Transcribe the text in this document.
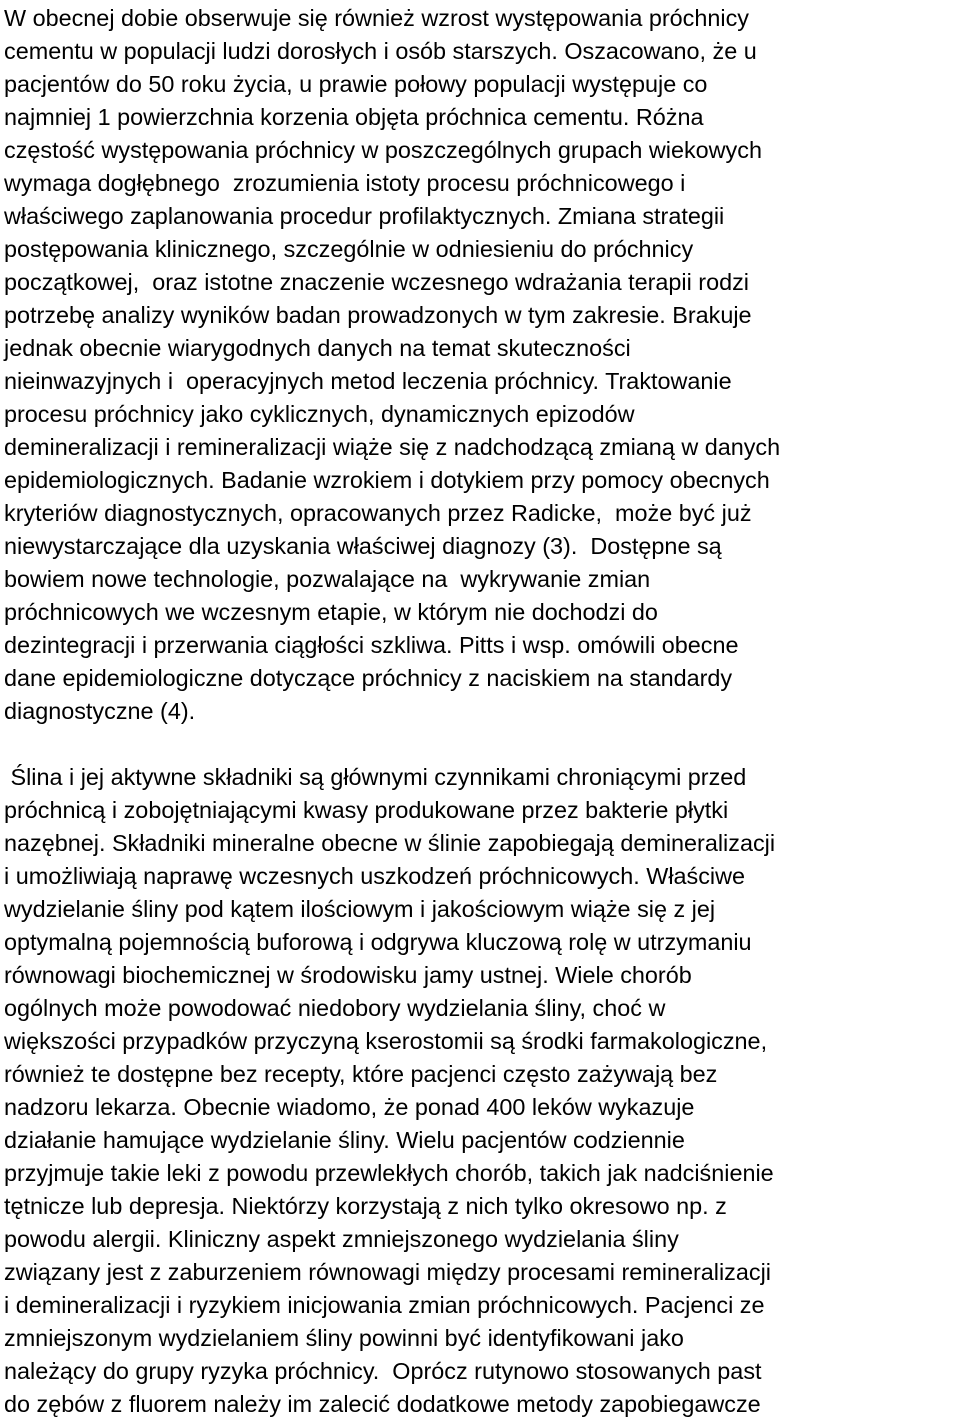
W obecnej dobie obserwuje się również wzrost występowania próchnicy
cementu w populacji ludzi dorosłych i osób starszych. Oszacowano, że u
pacjentów do 50 roku życia, u prawie połowy populacji występuje co
najmniej 1 powierzchnia korzenia objęta próchnica cementu. Różna
częstość występowania próchnicy w poszczególnych grupach wiekowych
wymaga dogłębnego  zrozumienia istoty procesu próchnicowego i
właściwego zaplanowania procedur profilaktycznych. Zmiana strategii
postępowania klinicznego, szczególnie w odniesieniu do próchnicy
początkowej,  oraz istotne znaczenie wczesnego wdrażania terapii rodzi
potrzebę analizy wyników badan prowadzonych w tym zakresie. Brakuje
jednak obecnie wiarygodnych danych na temat skuteczności
nieinwazyjnych i  operacyjnych metod leczenia próchnicy. Traktowanie
procesu próchnicy jako cyklicznych, dynamicznych epizodów
demineralizacji i remineralizacji wiąże się z nadchodzącą zmianą w danych
epidemiologicznych. Badanie wzrokiem i dotykiem przy pomocy obecnych
kryteriów diagnostycznych, opracowanych przez Radicke,  może być już
niewystarczające dla uzyskania właściwej diagnozy (3).  Dostępne są
bowiem nowe technologie, pozwalające na  wykrywanie zmian
próchnicowych we wczesnym etapie, w którym nie dochodzi do
dezintegracji i przerwania ciągłości szkliwa. Pitts i wsp. omówili obecne
dane epidemiologiczne dotyczące próchnicy z naciskiem na standardy
diagnostyczne (4).
Ślina i jej aktywne składniki są głównymi czynnikami chroniącymi przed
próchnicą i zobojętniającymi kwasy produkowane przez bakterie płytki
nazębnej. Składniki mineralne obecne w ślinie zapobiegają demineralizacji
i umożliwiają naprawę wczesnych uszkodzeń próchnicowych. Właściwe
wydzielanie śliny pod kątem ilościowym i jakościowym wiąże się z jej
optymalną pojemnością buforową i odgrywa kluczową rolę w utrzymaniu
równowagi biochemicznej w środowisku jamy ustnej. Wiele chorób
ogólnych może powodować niedobory wydzielania śliny, choć w
większości przypadków przyczyną kserostomii są środki farmakologiczne,
również te dostępne bez recepty, które pacjenci często zażywają bez
nadzoru lekarza. Obecnie wiadomo, że ponad 400 leków wykazuje
działanie hamujące wydzielanie śliny. Wielu pacjentów codziennie
przyjmuje takie leki z powodu przewlekłych chorób, takich jak nadciśnienie
tętnicze lub depresja. Niektórzy korzystają z nich tylko okresowo np. z
powodu alergii. Kliniczny aspekt zmniejszonego wydzielania śliny
związany jest z zaburzeniem równowagi między procesami remineralizacji
i demineralizacji i ryzykiem inicjowania zmian próchnicowych. Pacjenci ze
zmniejszonym wydzielaniem śliny powinni być identyfikowani jako
należący do grupy ryzyka próchnicy.  Oprócz rutynowo stosowanych past
do zębów z fluorem należy im zalecić dodatkowe metody zapobiegawcze
